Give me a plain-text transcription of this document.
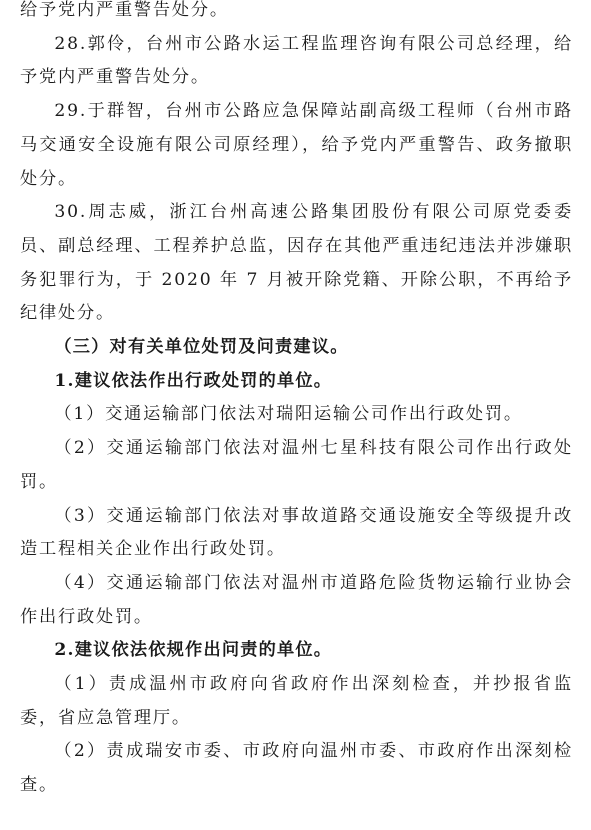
给予党内严重警告处分。

28.郭伶，台州市公路水运工程监理咨询有限公司总经理，给予党内严重警告处分。

29.于群智，台州市公路应急保障站副高级工程师（台州市路马交通安全设施有限公司原经理），给予党内严重警告、政务撤职处分。

30.周志威，浙江台州高速公路集团股份有限公司原党委委员、副总经理、工程养护总监，因存在其他严重违纪违法并涉嫌职务犯罪行为，于 2020 年 7 月被开除党籍、开除公职，不再给予纪律处分。

（三）对有关单位处罚及问责建议。

1.建议依法作出行政处罚的单位。

（1）交通运输部门依法对瑞阳运输公司作出行政处罚。

（2）交通运输部门依法对温州七星科技有限公司作出行政处罚。

（3）交通运输部门依法对事故道路交通设施安全等级提升改造工程相关企业作出行政处罚。

（4）交通运输部门依法对温州市道路危险货物运输行业协会作出行政处罚。

2.建议依法依规作出问责的单位。

（1）责成温州市政府向省政府作出深刻检查，并抄报省监委，省应急管理厅。

（2）责成瑞安市委、市政府向温州市委、市政府作出深刻检查。
